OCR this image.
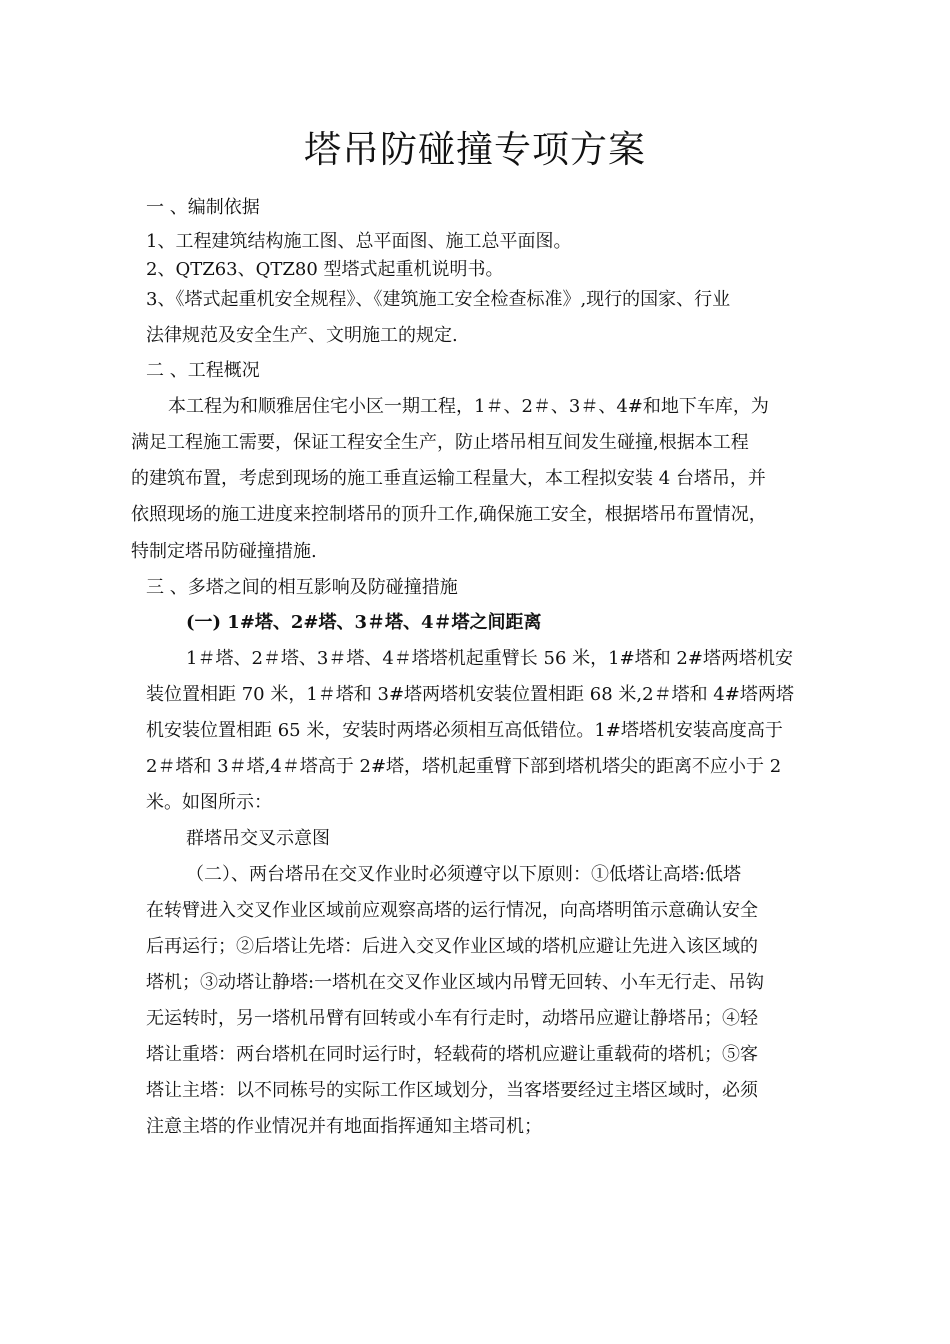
塔吊防碰撞专项方案
一 、编制依据
1、工程建筑结构施工图、总平面图、施工总平面图。
2、QTZ63、QTZ80 型塔式起重机说明书。
3、《塔式起重机安全规程》、《建筑施工安全检查标准》,现行的国家、行业
法律规范及安全生产、文明施工的规定.
二 、工程概况
本工程为和顺雅居住宅小区一期工程，1＃、2＃、3＃、4#和地下车库，为
满足工程施工需要，保证工程安全生产，防止塔吊相互间发生碰撞,根据本工程
的建筑布置，考虑到现场的施工垂直运输工程量大，本工程拟安装 4 台塔吊，并
依照现场的施工进度来控制塔吊的顶升工作,确保施工安全，根据塔吊布置情况，
特制定塔吊防碰撞措施.
三 、多塔之间的相互影响及防碰撞措施
(一) 1#塔、2#塔、3＃塔、4＃塔之间距离
1＃塔、2＃塔、3＃塔、4＃塔塔机起重臂长 56 米，1#塔和 2#塔两塔机安
装位置相距 70 米，1＃塔和 3#塔两塔机安装位置相距 68 米,2＃塔和 4#塔两塔
机安装位置相距 65 米，安装时两塔必须相互高低错位。1#塔塔机安装高度高于
2＃塔和 3＃塔,4＃塔高于 2#塔，塔机起重臂下部到塔机塔尖的距离不应小于 2
米。如图所示：
群塔吊交叉示意图
（二）、两台塔吊在交叉作业时必须遵守以下原则：①低塔让高塔:低塔
在转臂进入交叉作业区域前应观察高塔的运行情况，向高塔明笛示意确认安全
后再运行；②后塔让先塔：后进入交叉作业区域的塔机应避让先进入该区域的
塔机；③动塔让静塔:一塔机在交叉作业区域内吊臂无回转、小车无行走、吊钩
无运转时，另一塔机吊臂有回转或小车有行走时，动塔吊应避让静塔吊；④轻
塔让重塔：两台塔机在同时运行时，轻载荷的塔机应避让重载荷的塔机；⑤客
塔让主塔：以不同栋号的实际工作区域划分，当客塔要经过主塔区域时，必须
注意主塔的作业情况并有地面指挥通知主塔司机；
